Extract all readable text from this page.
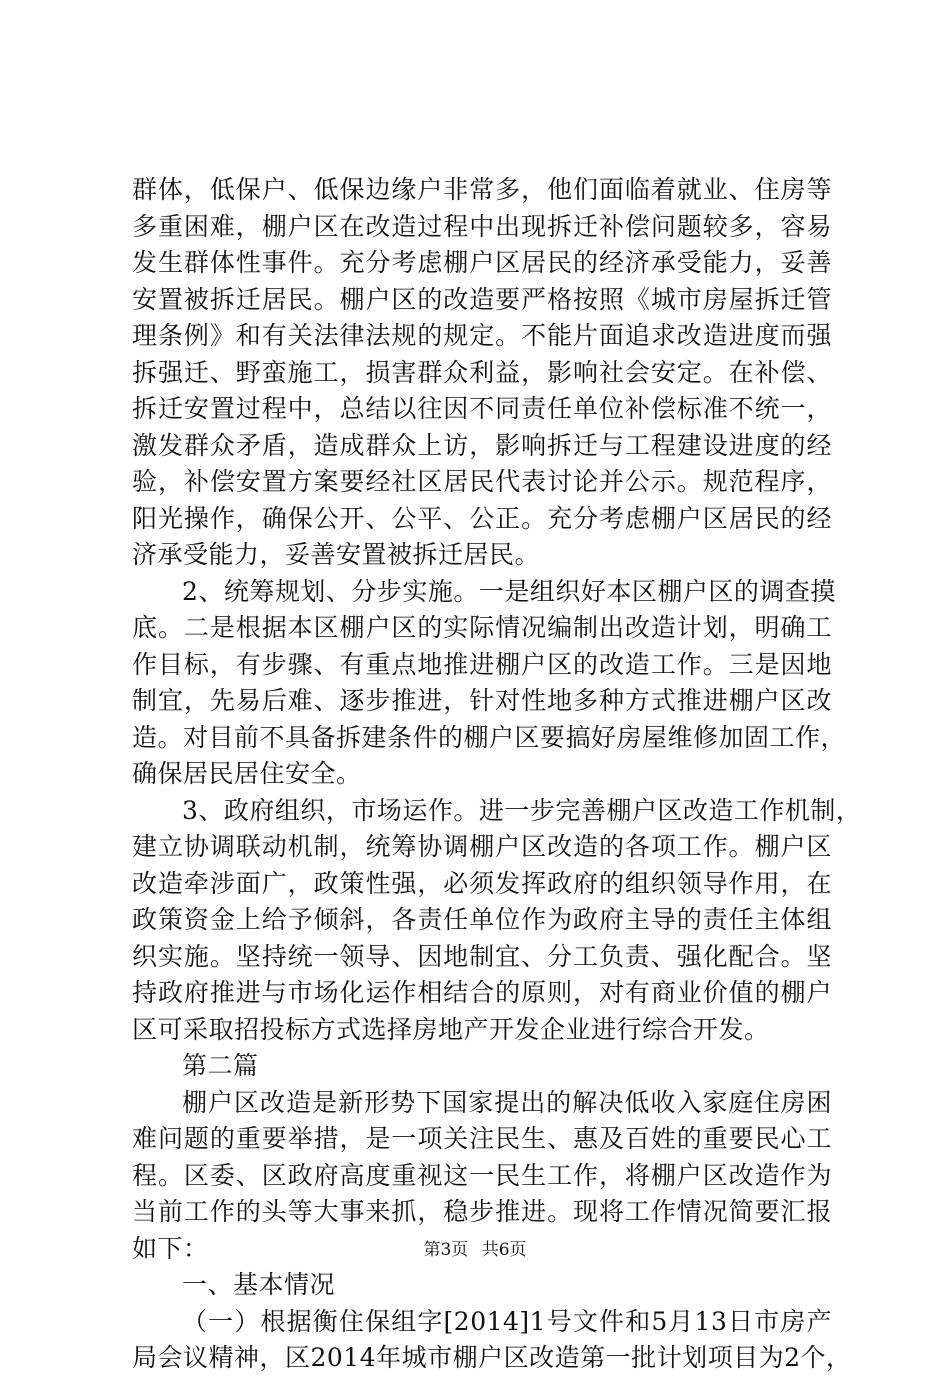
群体，低保户、低保边缘户非常多，他们面临着就业、住房等
多重困难，棚户区在改造过程中出现拆迁补偿问题较多，容易
发生群体性事件。充分考虑棚户区居民的经济承受能力，妥善
安置被拆迁居民。棚户区的改造要严格按照《城市房屋拆迁管
理条例》和有关法律法规的规定。不能片面追求改造进度而强
拆强迁、野蛮施工，损害群众利益，影响社会安定。在补偿、
拆迁安置过程中，总结以往因不同责任单位补偿标准不统一，
激发群众矛盾，造成群众上访，影响拆迁与工程建设进度的经
验，补偿安置方案要经社区居民代表讨论并公示。规范程序，
阳光操作，确保公开、公平、公正。充分考虑棚户区居民的经
济承受能力，妥善安置被拆迁居民。
2、统筹规划、分步实施。一是组织好本区棚户区的调查摸
底。二是根据本区棚户区的实际情况编制出改造计划，明确工
作目标，有步骤、有重点地推进棚户区的改造工作。三是因地
制宜，先易后难、逐步推进，针对性地多种方式推进棚户区改
造。对目前不具备拆建条件的棚户区要搞好房屋维修加固工作，
确保居民居住安全。
3、政府组织，市场运作。进一步完善棚户区改造工作机制，
建立协调联动机制，统筹协调棚户区改造的各项工作。棚户区
改造牵涉面广，政策性强，必须发挥政府的组织领导作用，在
政策资金上给予倾斜，各责任单位作为政府主导的责任主体组
织实施。坚持统一领导、因地制宜、分工负责、强化配合。坚
持政府推进与市场化运作相结合的原则，对有商业价值的棚户
区可采取招投标方式选择房地产开发企业进行综合开发。
第二篇
棚户区改造是新形势下国家提出的解决低收入家庭住房困
难问题的重要举措，是一项关注民生、惠及百姓的重要民心工
程。区委、区政府高度重视这一民生工作，将棚户区改造作为
当前工作的头等大事来抓，稳步推进。现将工作情况简要汇报
如下：
一、基本情况
（一）根据衡住保组字[2014]1号文件和5月13日市房产
局会议精神，区2014年城市棚户区改造第一批计划项目为2个，
第3页 共6页
